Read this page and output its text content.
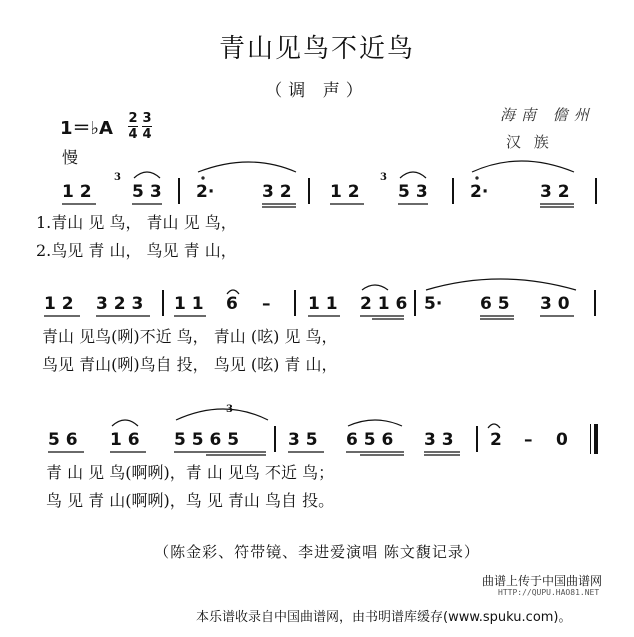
青山见鸟不近鸟
（调 声）
1＝♭A 2
4
3
4
慢
海南 儋州
汉 族
1 2
3
53 2·	3 2 1 2
3
53 2·	3 2
1.青山 见 鸟， 青山 见 鸟，
2.鸟见 青 山， 鸟见 青 山，
1 2 3 2 3 1 1 6 – 1 1 2 1 6 5· 6 5 3 0
青山 见鸟(咧)不近 鸟， 青山 (呟) 见 鸟，
鸟见 青山(咧)鸟自 投， 鸟见 (呟) 青 山，
5 6 1 6 5 5 6 5	3 5 6 5 6 3 3 2 – 0
3
青 山 见 鸟(啊咧)，青 山 见鸟 不近 鸟；
鸟 见 青 山(啊咧)，鸟 见 青山 鸟自 投。
（陈金彩、符带镜、李进爱演唱 陈文馥记录）
曲谱上传于中国曲谱网
HTTP://QUPU.HAO81.NET
本乐谱收录自中国曲谱网，由书明谱库缓存(www.spuku.com)。
